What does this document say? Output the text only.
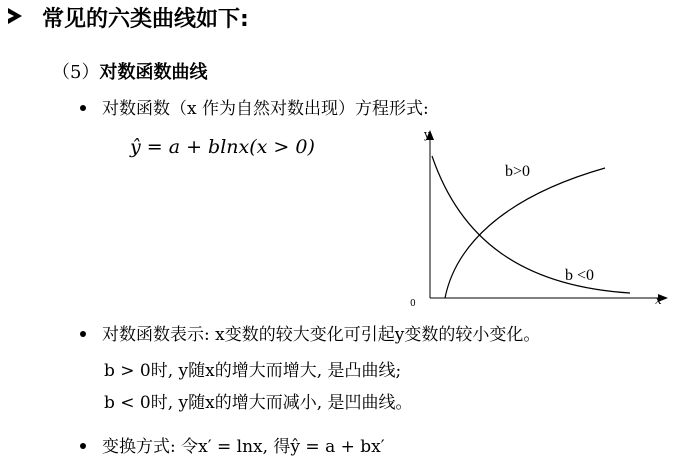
常见的六类曲线如下:
（5）对数函数曲线
对数函数（x 作为自然对数出现）方程形式:
ŷ = a + blnx(x > 0)
y
0	x
b>0
b <0
对数函数表示: x变数的较大变化可引起y变数的较小变化。
b > 0时, y随x的增大而增大, 是凸曲线;
b < 0时, y随x的增大而减小, 是凹曲线。
变换方式: 令x′ = lnx, 得ŷ = a + bx′
